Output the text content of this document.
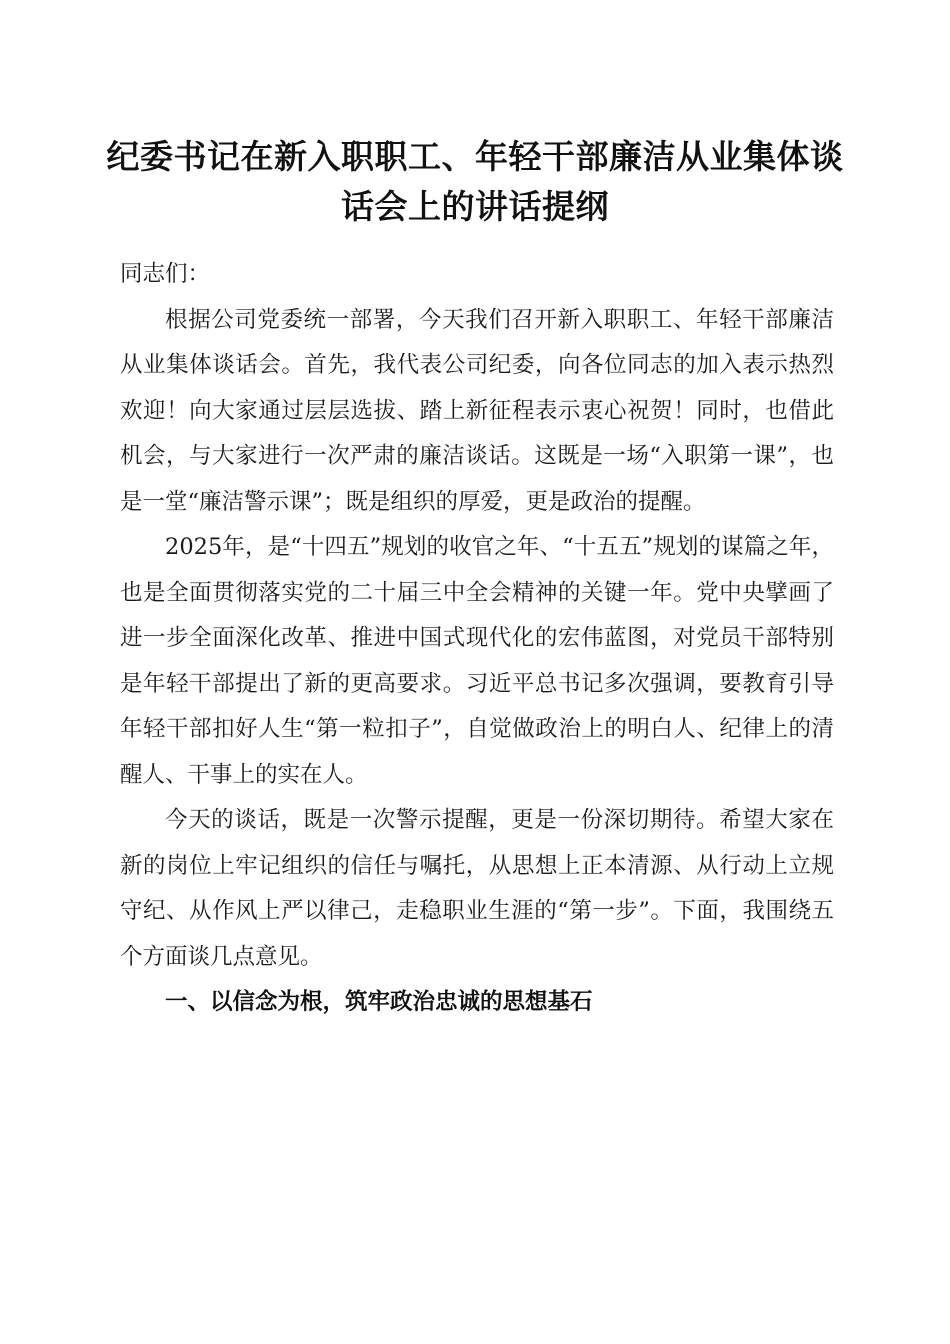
纪委书记在新入职职工、年轻干部廉洁从业集体谈话会上的讲话提纲

同志们：

根据公司党委统一部署，今天我们召开新入职职工、年轻干部廉洁从业集体谈话会。首先，我代表公司纪委，向各位同志的加入表示热烈欢迎！向大家通过层层选拔、踏上新征程表示衷心祝贺！同时，也借此机会，与大家进行一次严肃的廉洁谈话。这既是一场“入职第一课”，也是一堂“廉洁警示课”；既是组织的厚爱，更是政治的提醒。

2025年，是“十四五”规划的收官之年、“十五五”规划的谋篇之年，也是全面贯彻落实党的二十届三中全会精神的关键一年。党中央擘画了进一步全面深化改革、推进中国式现代化的宏伟蓝图，对党员干部特别是年轻干部提出了新的更高要求。习近平总书记多次强调，要教育引导年轻干部扣好人生“第一粒扣子”，自觉做政治上的明白人、纪律上的清醒人、干事上的实在人。

今天的谈话，既是一次警示提醒，更是一份深切期待。希望大家在新的岗位上牢记组织的信任与嘱托，从思想上正本清源、从行动上立规守纪、从作风上严以律己，走稳职业生涯的“第一步”。下面，我围绕五个方面谈几点意见。

一、以信念为根，筑牢政治忠诚的思想基石
